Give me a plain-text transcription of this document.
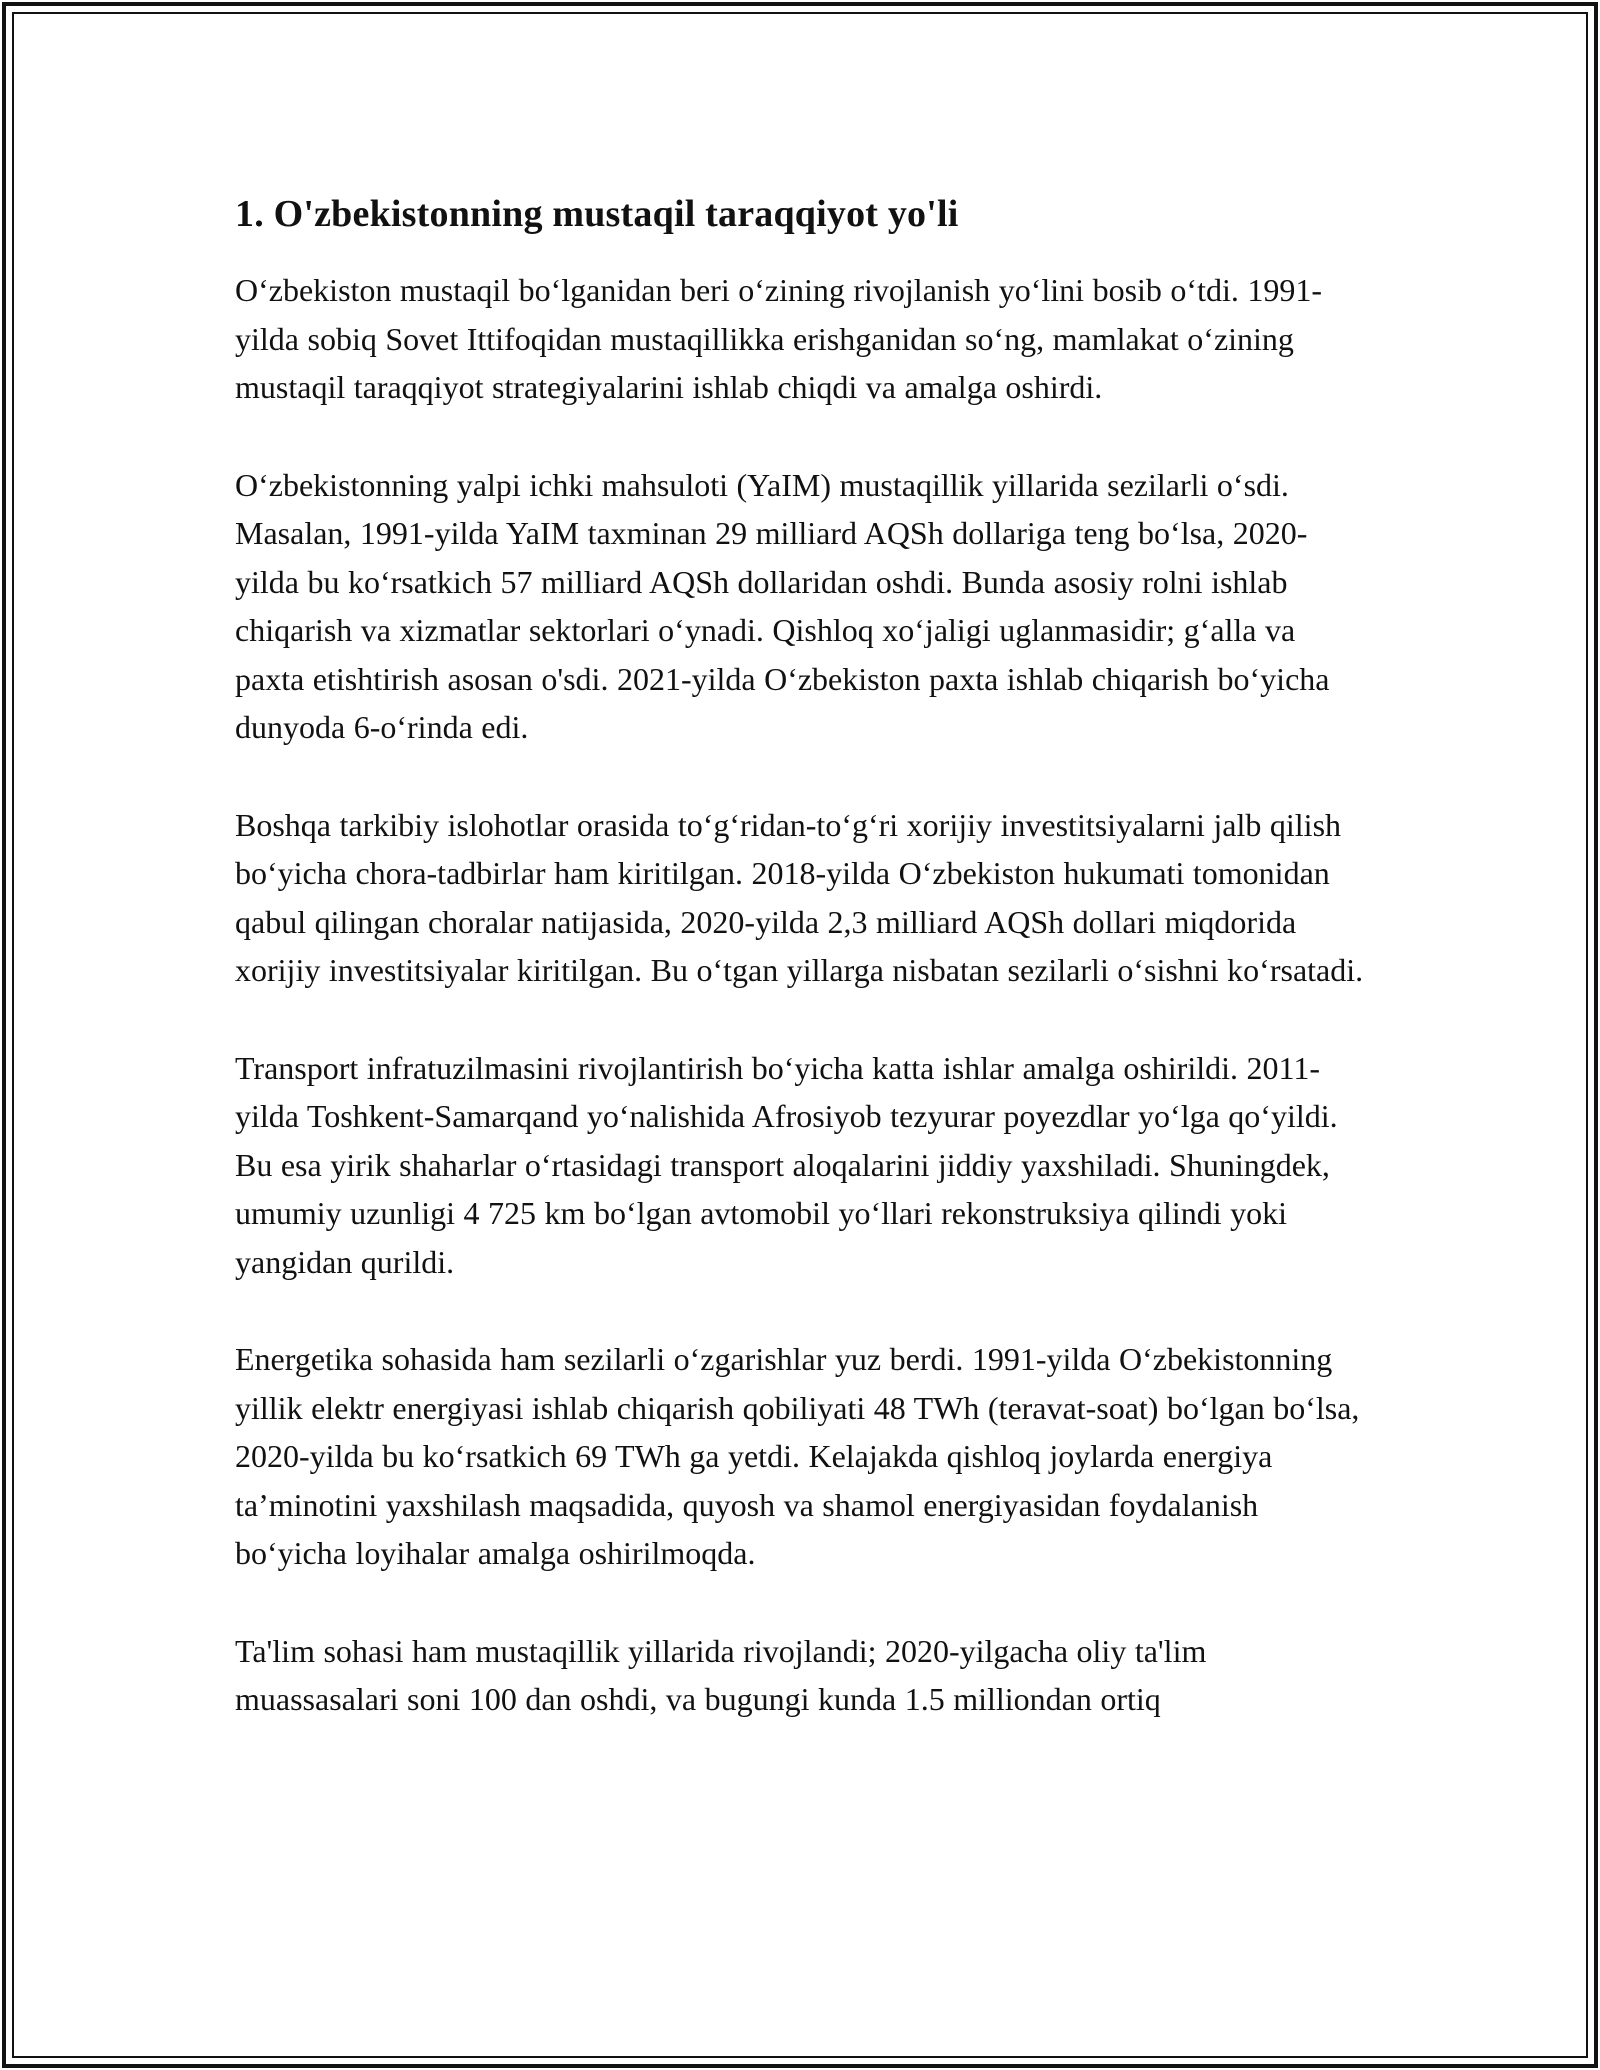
1. O'zbekistonning mustaqil taraqqiyot yo'li

O‘zbekiston mustaqil bo‘lganidan beri o‘zining rivojlanish yo‘lini bosib o‘tdi. 1991-yilda sobiq Sovet Ittifoqidan mustaqillikka erishganidan so‘ng, mamlakat o‘zining mustaqil taraqqiyot strategiyalarini ishlab chiqdi va amalga oshirdi.

O‘zbekistonning yalpi ichki mahsuloti (YaIM) mustaqillik yillarida sezilarli o‘sdi. Masalan, 1991-yilda YaIM taxminan 29 milliard AQSh dollariga teng bo‘lsa, 2020-yilda bu ko‘rsatkich 57 milliard AQSh dollaridan oshdi. Bunda asosiy rolni ishlab chiqarish va xizmatlar sektorlari o‘ynadi. Qishloq xo‘jaligi uglanmasidir; g‘alla va paxta etishtirish asosan o'sdi. 2021-yilda O‘zbekiston paxta ishlab chiqarish bo‘yicha dunyoda 6-o‘rinda edi.

Boshqa tarkibiy islohotlar orasida to‘g‘ridan-to‘g‘ri xorijiy investitsiyalarni jalb qilish bo‘yicha chora-tadbirlar ham kiritilgan. 2018-yilda O‘zbekiston hukumati tomonidan qabul qilingan choralar natijasida, 2020-yilda 2,3 milliard AQSh dollari miqdorida xorijiy investitsiyalar kiritilgan. Bu o‘tgan yillarga nisbatan sezilarli o‘sishni ko‘rsatadi.

Transport infratuzilmasini rivojlantirish bo‘yicha katta ishlar amalga oshirildi. 2011-yilda Toshkent-Samarqand yo‘nalishida Afrosiyob tezyurar poyezdlar yo‘lga qo‘yildi. Bu esa yirik shaharlar o‘rtasidagi transport aloqalarini jiddiy yaxshiladi. Shuningdek, umumiy uzunligi 4 725 km bo‘lgan avtomobil yo‘llari rekonstruksiya qilindi yoki yangidan qurildi.

Energetika sohasida ham sezilarli o‘zgarishlar yuz berdi. 1991-yilda O‘zbekistonning yillik elektr energiyasi ishlab chiqarish qobiliyati 48 TWh (teravat-soat) bo‘lgan bo‘lsa, 2020-yilda bu ko‘rsatkich 69 TWh ga yetdi. Kelajakda qishloq joylarda energiya ta’minotini yaxshilash maqsadida, quyosh va shamol energiyasidan foydalanish bo‘yicha loyihalar amalga oshirilmoqda.

Ta'lim sohasi ham mustaqillik yillarida rivojlandi; 2020-yilgacha oliy ta'lim muassasalari soni 100 dan oshdi, va bugungi kunda 1.5 milliondan ortiq
